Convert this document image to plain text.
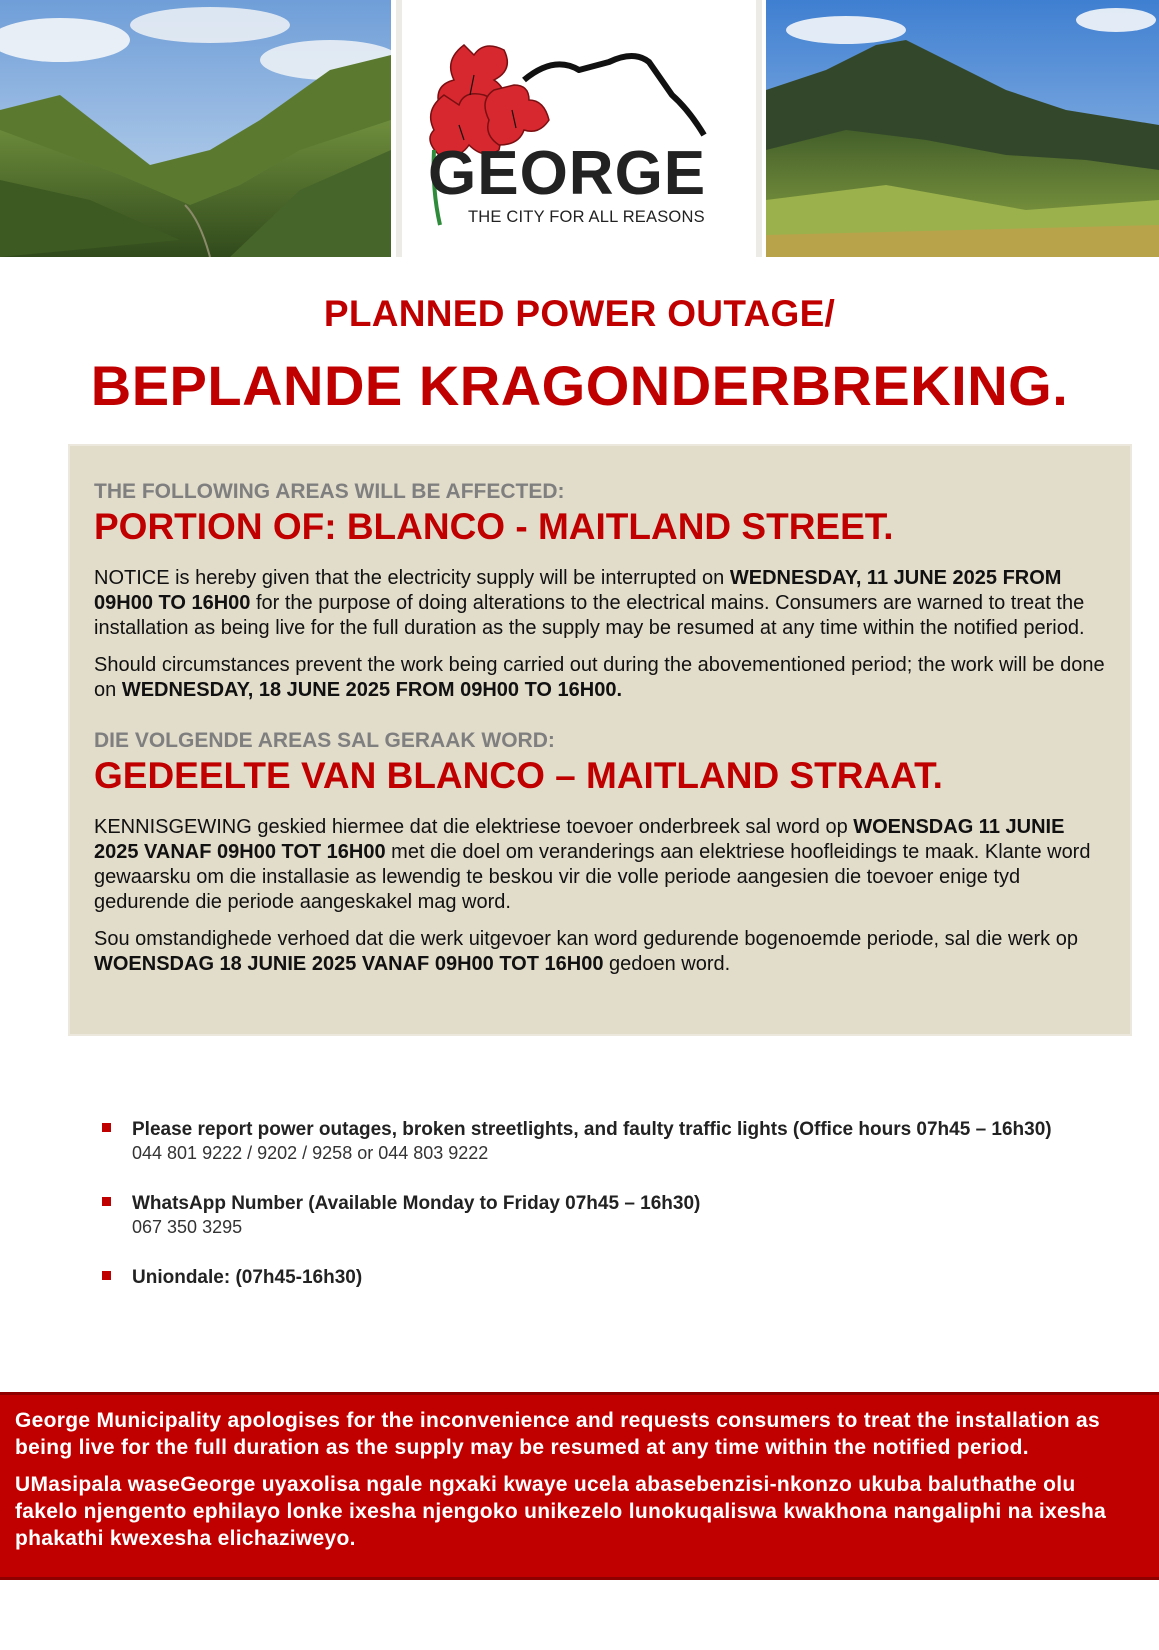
GEORGE
THE CITY FOR ALL REASONS
PLANNED POWER OUTAGE/
BEPLANDE KRAGONDERBREKING.

THE FOLLOWING AREAS WILL BE AFFECTED:

PORTION OF: BLANCO - MAITLAND STREET.

NOTICE is hereby given that the electricity supply will be interrupted on WEDNESDAY, 11 JUNE 2025 FROM 09H00 TO 16H00 for the purpose of doing alterations to the electrical mains. Consumers are warned to treat the installation as being live for the full duration as the supply may be resumed at any time within the notified period.

Should circumstances prevent the work being carried out during the abovementioned period; the work will be done on WEDNESDAY, 18 JUNE 2025 FROM 09H00 TO 16H00.

DIE VOLGENDE AREAS SAL GERAAK WORD:

GEDEELTE VAN BLANCO – MAITLAND STRAAT.

KENNISGEWING geskied hiermee dat die elektriese toevoer onderbreek sal word op WOENSDAG 11 JUNIE 2025 VANAF 09H00 TOT 16H00 met die doel om veranderings aan elektriese hoofleidings te maak. Klante word gewaarsku om die installasie as lewendig te beskou vir die volle periode aangesien die toevoer enige tyd gedurende die periode aangeskakel mag word.

Sou omstandighede verhoed dat die werk uitgevoer kan word gedurende bogenoemde periode, sal die werk op WOENSDAG 18 JUNIE 2025 VANAF 09H00 TOT 16H00 gedoen word.

Please report power outages, broken streetlights, and faulty traffic lights (Office hours 07h45 – 16h30)
044 801 9222 / 9202 / 9258 or 044 803 9222
WhatsApp Number (Available Monday to Friday 07h45 – 16h30)
067 350 3295
Uniondale: (07h45-16h30)

George Municipality apologises for the inconvenience and requests consumers to treat the installation as being live for the full duration as the supply may be resumed at any time within the notified period.

UMasipala waseGeorge uyaxolisa ngale ngxaki kwaye ucela abasebenzisi-nkonzo ukuba baluthathe olu fakelo njengento ephilayo lonke ixesha njengoko unikezelo lunokuqaliswa kwakhona nangaliphi na ixesha phakathi kwexesha elichaziweyo.
